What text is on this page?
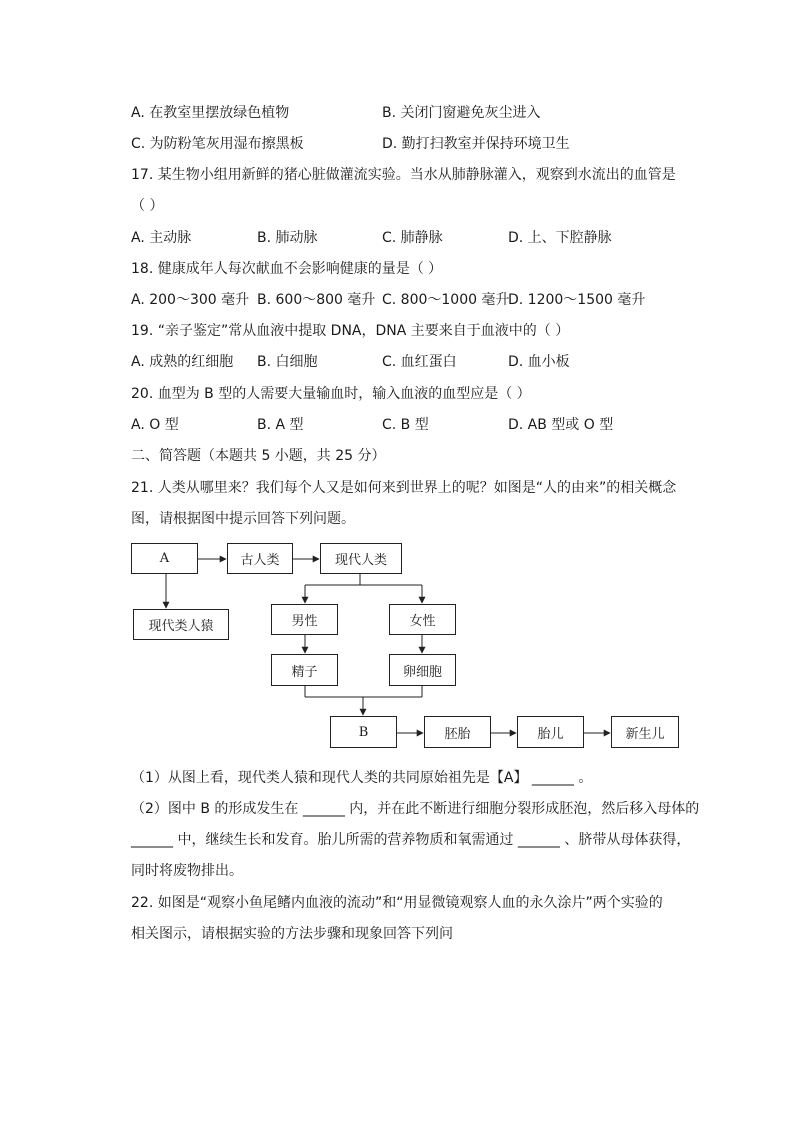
A. 在教室里摆放绿色植物	B. 关闭门窗避免灰尘进入
C. 为防粉笔灰用湿布擦黑板	D. 勤打扫教室并保持环境卫生
17. 某生物小组用新鲜的猪心脏做灌流实验。当水从肺静脉灌入，观察到水流出的血管是
（ ）
A. 主动脉	B. 肺动脉	C. 肺静脉	D. 上、下腔静脉
18. 健康成年人每次献血不会影响健康的量是（ ）
A. 200～300 毫升 B. 600～800 毫升 C. 800～1000 毫升
D. 1200～1500 毫升
19. “亲子鉴定”常从血液中提取 DNA，DNA 主要来自于血液中的（ ）
A. 成熟的红细胞 B. 白细胞	C. 血红蛋白	D. 血小板
20. 血型为 B 型的人需要大量输血时，输入血液的血型应是（ ）
A. O 型	B. A 型	C. B 型	D. AB 型或 O 型
二、简答题（本题共 5 小题，共 25 分）
21. 人类从哪里来？我们每个人又是如何来到世界上的呢？如图是“人的由来”的相关概念
图，请根据图中提示回答下列问题。
A	古人类	现代人类
现代类人猿	男性	女性
精子	卵细胞
B	胚胎	胎儿	新生儿
（1）从图上看，现代类人猿和现代人类的共同原始祖先是【A】 ______ 。
（2）图中 B 的形成发生在 ______ 内，并在此不断进行细胞分裂形成胚泡，然后移入母体的
______ 中，继续生长和发育。胎儿所需的营养物质和氧需通过 ______ 、脐带从母体获得，
同时将废物排出。
22. 如图是“观察小鱼尾鳍内血液的流动”和“用显微镜观察人血的永久涂片”两个实验的
相关图示，请根据实验的方法步骤和现象回答下列问
